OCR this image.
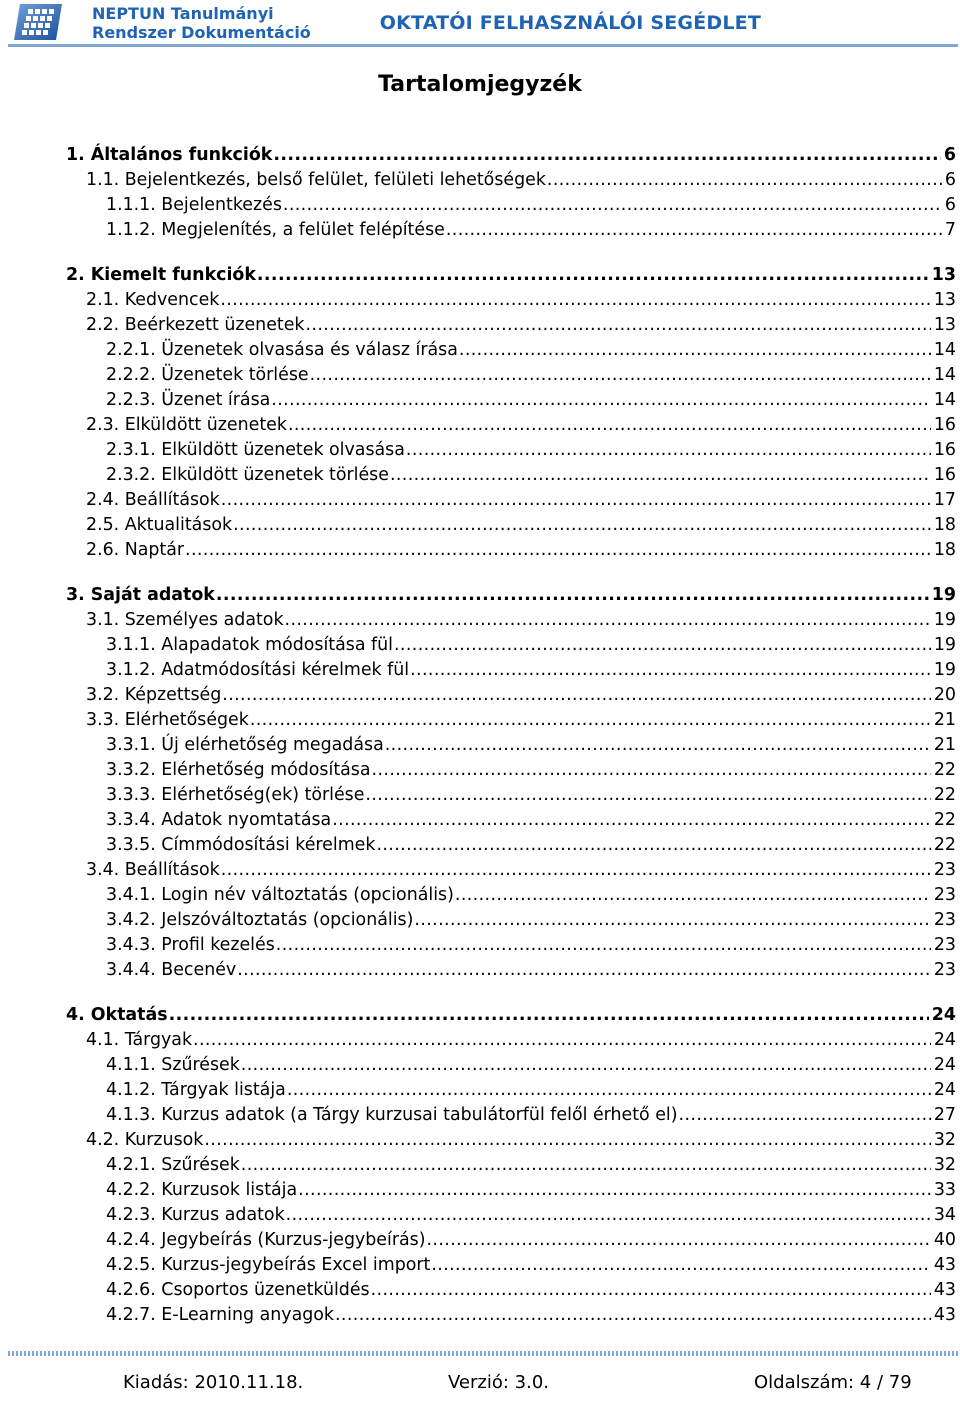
NEPTUN Tanulmányi
Rendszer Dokumentáció	OKTATÓI FELHASZNÁLÓI SEGÉDLET
Tartalomjegyzék
1. Általános funkciók .....	6
1.1. Bejelentkezés, belső felület, felületi lehetőségek .....	6
1.1.1. Bejelentkezés .....	6
1.1.2. Megjelenítés, a felület felépítése .....	7
2. Kiemelt funkciók .....	13
2.1. Kedvencek .....	13
2.2. Beérkezett üzenetek .....	13
2.2.1. Üzenetek olvasása és válasz írása .....	14
2.2.2. Üzenetek törlése .....	14
2.2.3. Üzenet írása .....	14
2.3. Elküldött üzenetek .....	16
2.3.1. Elküldött üzenetek olvasása .....	16
2.3.2. Elküldött üzenetek törlése .....	16
2.4. Beállítások .....	17
2.5. Aktualitások .....	18
2.6. Naptár .....	18
3. Saját adatok .....	19
3.1. Személyes adatok .....	19
3.1.1. Alapadatok módosítása fül .....	19
3.1.2. Adatmódosítási kérelmek fül .....	19
3.2. Képzettség .....	20
3.3. Elérhetőségek .....	21
3.3.1. Új elérhetőség megadása .....	21
3.3.2. Elérhetőség módosítása .....	22
3.3.3. Elérhetőség(ek) törlése .....	22
3.3.4. Adatok nyomtatása .....	22
3.3.5. Címmódosítási kérelmek .....	22
3.4. Beállítások .....	23
3.4.1. Login név változtatás (opcionális) .....	23
3.4.2. Jelszóváltoztatás (opcionális) .....	23
3.4.3. Profil kezelés .....	23
3.4.4. Becenév .....	23
4. Oktatás .....	24
4.1. Tárgyak .....	24
4.1.1. Szűrések .....	24
4.1.2. Tárgyak listája .....	24
4.1.3. Kurzus adatok (a Tárgy kurzusai tabulátorfül felől érhető el) .....	27
4.2. Kurzusok .....	32
4.2.1. Szűrések .....	32
4.2.2. Kurzusok listája .....	33
4.2.3. Kurzus adatok .....	34
4.2.4. Jegybeírás (Kurzus-jegybeírás) .....	40
4.2.5. Kurzus-jegybeírás Excel import .....	43
4.2.6. Csoportos üzenetküldés .....	43
4.2.7. E-Learning anyagok .....	43
Kiadás: 2010.11.18.	Verzió: 3.0.	Oldalszám: 4 / 79
